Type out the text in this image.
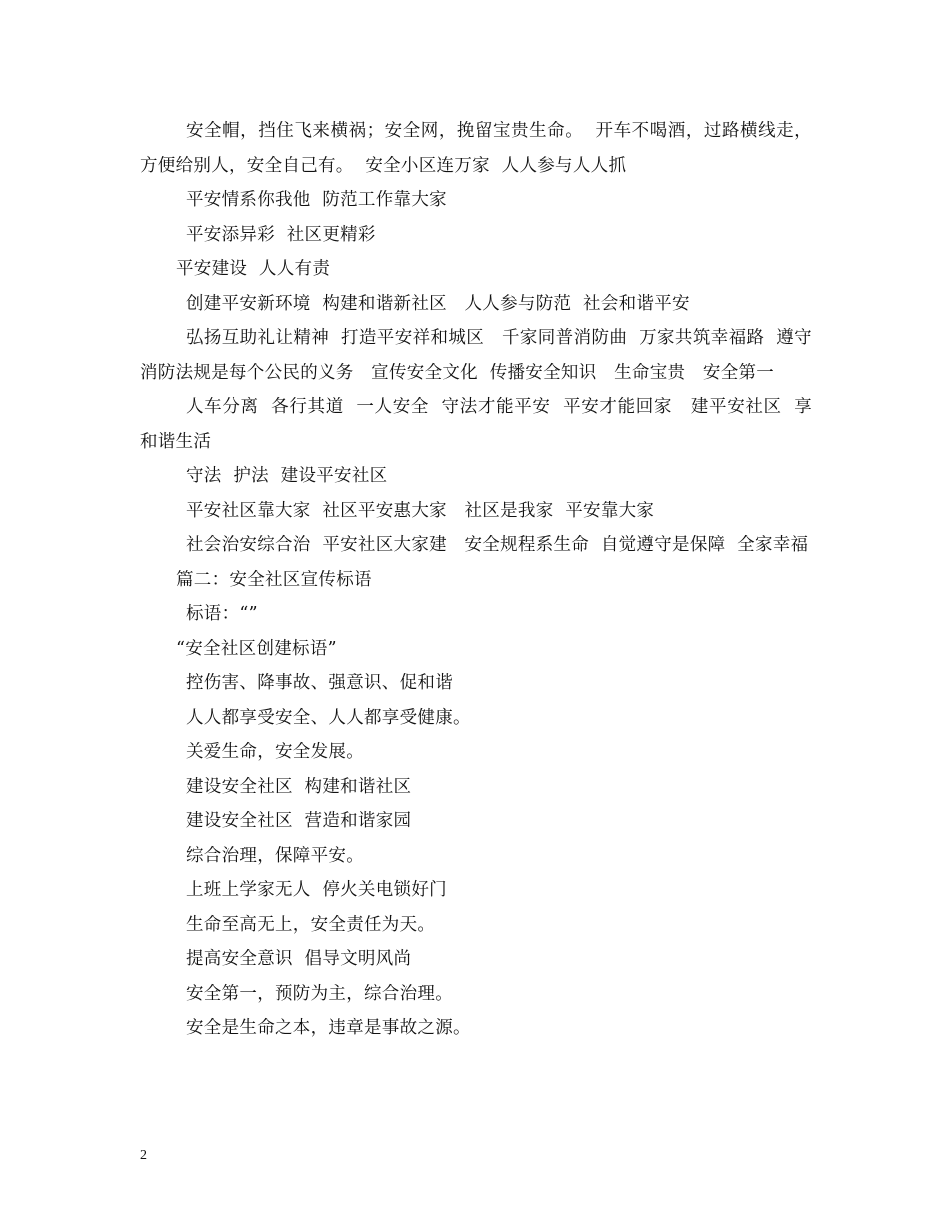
安全帽，挡住飞来横祸；安全网，挽留宝贵生命。  开车不喝酒，过路横线走，方便给别人，安全自己有。  安全小区连万家  人人参与人人抓

平安情系你我他  防范工作靠大家

平安添异彩  社区更精彩

平安建设  人人有责

创建平安新环境  构建和谐新社区   人人参与防范  社会和谐平安

弘扬互助礼让精神  打造平安祥和城区   千家同普消防曲  万家共筑幸福路  遵守消防法规是每个公民的义务   宣传安全文化  传播安全知识   生命宝贵   安全第一

人车分离  各行其道  一人安全  守法才能平安  平安才能回家   建平安社区  享和谐生活

守法  护法  建设平安社区

平安社区靠大家  社区平安惠大家   社区是我家  平安靠大家

社会治安综合治  平安社区大家建   安全规程系生命  自觉遵守是保障  全家幸福

篇二：安全社区宣传标语

标语：“”

“安全社区创建标语”

控伤害、降事故、强意识、促和谐

人人都享受安全、人人都享受健康。

关爱生命，安全发展。

建设安全社区  构建和谐社区

建设安全社区  营造和谐家园

综合治理，保障平安。

上班上学家无人  停火关电锁好门

生命至高无上，安全责任为天。

提高安全意识  倡导文明风尚

安全第一，预防为主，综合治理。

安全是生命之本，违章是事故之源。

2
